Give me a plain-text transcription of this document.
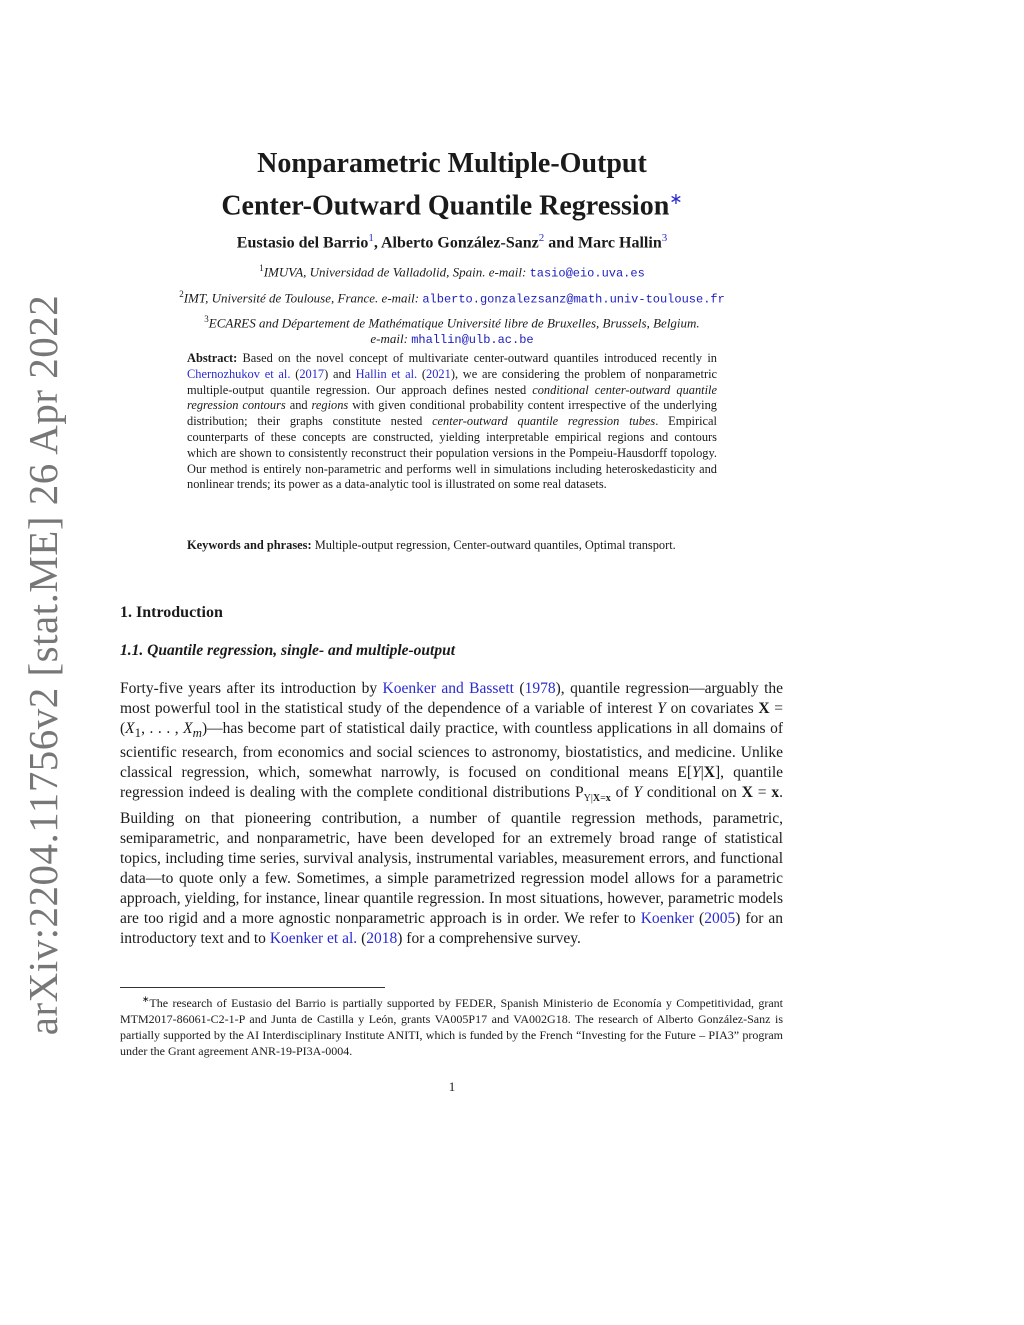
arXiv:2204.11756v2 [stat.ME] 26 Apr 2022
Nonparametric Multiple-Output
Center-Outward Quantile Regression∗
Eustasio del Barrio$^1$, Alberto González-Sanz$^2$ and Marc Hallin$^3$
$^1$IMUVA, Universidad de Valladolid, Spain. e-mail: tasio@eio.uva.es
$^2$IMT, Université de Toulouse, France. e-mail: alberto.gonzalezsanz@math.univ-toulouse.fr
$^3$ECARES and Département de Mathématique Université libre de Bruxelles, Brussels, Belgium.
e-mail: mhallin@ulb.ac.be
Abstract: Based on the novel concept of multivariate center-outward quantiles introduced recently in Chernozhukov et al. (2017) and Hallin et al. (2021), we are considering the problem of nonparametric multiple-output quantile regression. Our approach defines nested conditional center-outward quantile regression contours and regions with given conditional probability content irrespective of the underlying distribution; their graphs constitute nested center-outward quantile regression tubes. Empirical counterparts of these concepts are constructed, yielding interpretable empirical regions and contours which are shown to consistently reconstruct their population versions in the Pompeiu-Hausdorff topology. Our method is entirely non-parametric and performs well in simulations including heteroskedasticity and nonlinear trends; its power as a data-analytic tool is illustrated on some real datasets.
Keywords and phrases: Multiple-output regression, Center-outward quantiles, Optimal transport.
1. Introduction
1.1. Quantile regression, single- and multiple-output
Forty-five years after its introduction by Koenker and Bassett (1978), quantile regression—arguably the most powerful tool in the statistical study of the dependence of a variable of interest Y on covariates $X = (X_1$, . . . , $X_m)—has$ become part of statistical daily practice, with countless applications in all domains of scientific research, from economics and social sciences to astronomy, biostatistics, and medicine. Unlike classical regression, which, somewhat narrowly, is focused on conditional means E[Y|X], quantile regression indeed is dealing with the complete conditional distributions $P_{Y|X=x}$ of Y conditional on X = x. Building on that pioneering contribution, a number of quantile regression methods, parametric, semiparametric, and nonparametric, have been developed for an extremely broad range of statistical topics, including time series, survival analysis, instrumental variables, measurement errors, and functional data—to quote only a few. Sometimes, a simple parametrized regression model allows for a parametric approach, yielding, for instance, linear quantile regression. In most situations, however, parametric models are too rigid and a more agnostic nonparametric approach is in order. We refer to Koenker (2005) for an introductory text and to Koenker et al. (2018) for a comprehensive survey.
∗The research of Eustasio del Barrio is partially supported by FEDER, Spanish Ministerio de Economía y Competitividad, grant MTM2017-86061-C2-1-P and Junta de Castilla y León, grants VA005P17 and VA002G18. The research of Alberto González-Sanz is partially supported by the AI Interdisciplinary Institute ANITI, which is funded by the French “Investing for the Future – PIA3” program under the Grant agreement ANR-19-PI3A-0004.
1
